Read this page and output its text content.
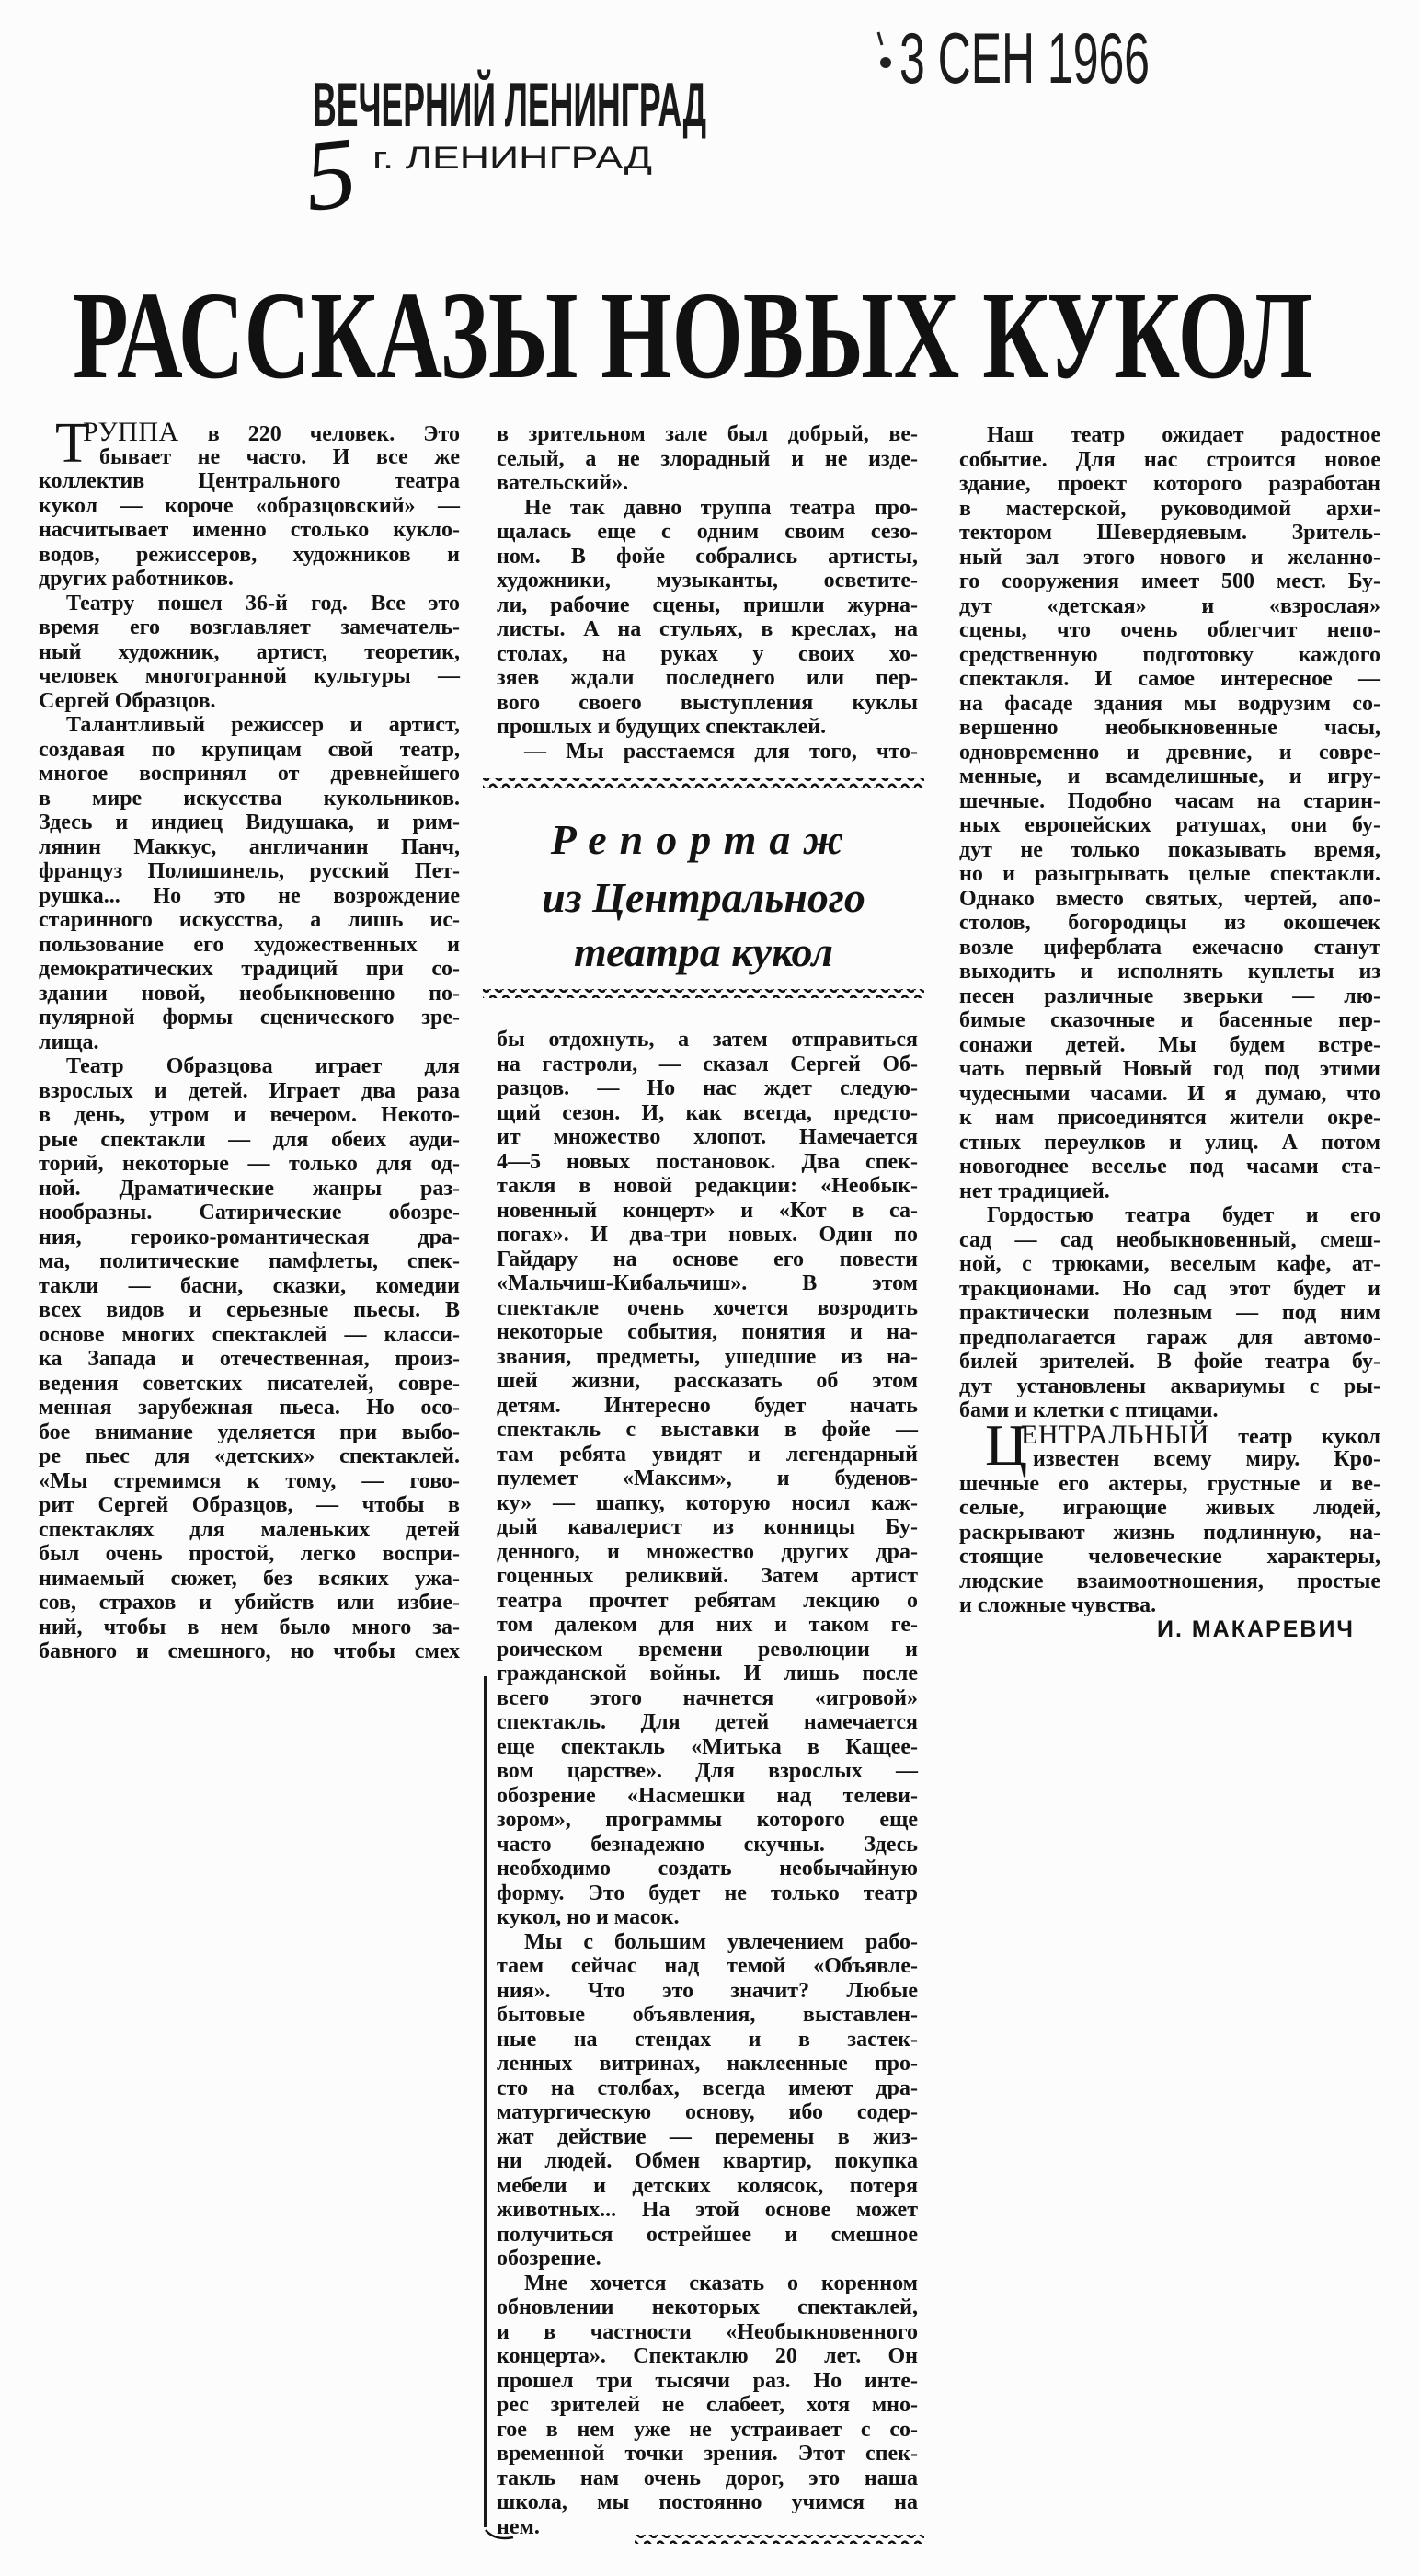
3 СЕН 1966
ВЕЧЕРНИЙ ЛЕНИНГРАД
г. ЛЕНИНГРАД
5
РАССКАЗЫ НОВЫХ КУКОЛ
Т
РУППА в 220 человек. Это
бывает не часто. И все же
коллектив Центрального театра
кукол — короче «образцовский» —
насчитывает именно столько кукло-
водов, режиссеров, художников и
других работников.
Театру пошел 36-й год. Все это
время его возглавляет замечатель-
ный художник, артист, теоретик,
человек многогранной культуры —
Сергей Образцов.
Талантливый режиссер и артист,
создавая по крупицам свой театр,
многое воспринял от древнейшего
в мире искусства кукольников.
Здесь и индиец Видушака, и рим-
лянин Маккус, англичанин Панч,
француз Полишинель, русский Пет-
рушка... Но это не возрождение
старинного искусства, а лишь ис-
пользование его художественных и
демократических традиций при со-
здании новой, необыкновенно по-
пулярной формы сценического зре-
лища.
Театр Образцова играет для
взрослых и детей. Играет два раза
в день, утром и вечером. Некото-
рые спектакли — для обеих ауди-
торий, некоторые — только для од-
ной. Драматические жанры раз-
нообразны. Сатирические обозре-
ния, героико-романтическая дра-
ма, политические памфлеты, спек-
такли — басни, сказки, комедии
всех видов и серьезные пьесы. В
основе многих спектаклей — класси-
ка Запада и отечественная, произ-
ведения советских писателей, совре-
менная зарубежная пьеса. Но осо-
бое внимание уделяется при выбо-
ре пьес для «детских» спектаклей.
«Мы стремимся к тому, — гово-
рит Сергей Образцов, — чтобы в
спектаклях для маленьких детей
был очень простой, легко воспри-
нимаемый сюжет, без всяких ужа-
сов, страхов и убийств или избие-
ний, чтобы в нем было много за-
бавного и смешного, но чтобы смех
в зрительном зале был добрый, ве-
селый, а не злорадный и не изде-
вательский».
Не так давно труппа театра про-
щалась еще с одним своим сезо-
ном. В фойе собрались артисты,
художники, музыканты, осветите-
ли, рабочие сцены, пришли журна-
листы. А на стульях, в креслах, на
столах, на руках у своих хо-
зяев ждали последнего или пер-
вого своего выступления куклы
прошлых и будущих спектаклей.
— Мы расстаемся для того, что-
бы отдохнуть, а затем отправиться
на гастроли, — сказал Сергей Об-
разцов. — Но нас ждет следую-
щий сезон. И, как всегда, предсто-
ит множество хлопот. Намечается
4—5 новых постановок. Два спек-
такля в новой редакции: «Необык-
новенный концерт» и «Кот в са-
погах». И два-три новых. Один по
Гайдару на основе его повести
«Мальчиш-Кибальчиш». В этом
спектакле очень хочется возродить
некоторые события, понятия и на-
звания, предметы, ушедшие из на-
шей жизни, рассказать об этом
детям. Интересно будет начать
спектакль с выставки в фойе —
там ребята увидят и легендарный
пулемет «Максим», и буденов-
ку» — шапку, которую носил каж-
дый кавалерист из конницы Бу-
денного, и множество других дра-
гоценных реликвий. Затем артист
театра прочтет ребятам лекцию о
том далеком для них и таком ге-
роическом времени революции и
гражданской войны. И лишь после
всего этого начнется «игровой»
спектакль. Для детей намечается
еще спектакль «Митька в Кащее-
вом царстве». Для взрослых —
обозрение «Насмешки над телеви-
зором», программы которого еще
часто безнадежно скучны. Здесь
необходимо создать необычайную
форму. Это будет не только театр
кукол, но и масок.
Мы с большим увлечением рабо-
таем сейчас над темой «Объявле-
ния». Что это значит? Любые
бытовые объявления, выставлен-
ные на стендах и в застек-
ленных витринах, наклеенные про-
сто на столбах, всегда имеют дра-
матургическую основу, ибо содер-
жат действие — перемены в жиз-
ни людей. Обмен квартир, покупка
мебели и детских колясок, потеря
животных... На этой основе может
получиться острейшее и смешное
обозрение.
Мне хочется сказать о коренном
обновлении некоторых спектаклей,
и в частности «Необыкновенного
концерта». Спектаклю 20 лет. Он
прошел три тысячи раз. Но инте-
рес зрителей не слабеет, хотя мно-
гое в нем уже не устраивает с со-
временной точки зрения. Этот спек-
такль нам очень дорог, это наша
школа, мы постоянно учимся на
нем.
Наш театр ожидает радостное
событие. Для нас строится новое
здание, проект которого разработан
в мастерской, руководимой архи-
тектором Шевердяевым. Зритель-
ный зал этого нового и желанно-
го сооружения имеет 500 мест. Бу-
дут «детская» и «взрослая»
сцены, что очень облегчит непо-
средственную подготовку каждого
спектакля. И самое интересное —
на фасаде здания мы водрузим со-
вершенно необыкновенные часы,
одновременно и древние, и совре-
менные, и всамделишные, и игру-
шечные. Подобно часам на старин-
ных европейских ратушах, они бу-
дут не только показывать время,
но и разыгрывать целые спектакли.
Однако вместо святых, чертей, апо-
столов, богородицы из окошечек
возле циферблата ежечасно станут
выходить и исполнять куплеты из
песен различные зверьки — лю-
бимые сказочные и басенные пер-
сонажи детей. Мы будем встре-
чать первый Новый год под этими
чудесными часами. И я думаю, что
к нам присоединятся жители окре-
стных переулков и улиц. А потом
новогоднее веселье под часами ста-
нет традицией.
Гордостью театра будет и его
сад — сад необыкновенный, смеш-
ной, с трюками, веселым кафе, ат-
тракционами. Но сад этот будет и
практически полезным — под ним
предполагается гараж для автомо-
билей зрителей. В фойе театра бу-
дут установлены аквариумы с ры-
бами и клетки с птицами.
Ц
ЕНТРАЛЬНЫЙ театр кукол
известен всему миру. Кро-
шечные его актеры, грустные и ве-
селые, играющие живых людей,
раскрывают жизнь подлинную, на-
стоящие человеческие характеры,
людские взаимоотношения, простые
и сложные чувства.
Репортаж
из Центрального
театра кукол
И. МАКАРЕВИЧ
